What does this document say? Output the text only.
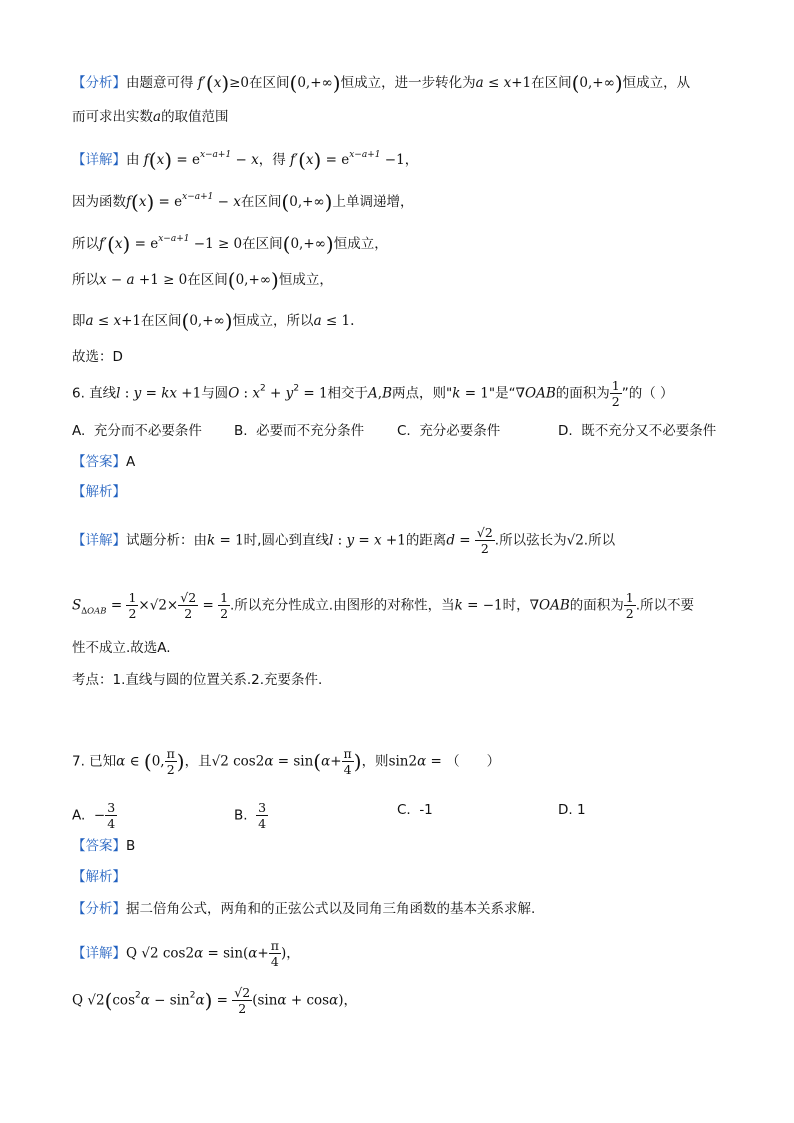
【分析】由题意可得 f′(x)≥0在区间(0,+∞)恒成立，进一步转化为a ≤ x+1在区间(0,+∞)恒成立，从
而可求出实数a的取值范围
【详解】由 $f(x) = e^{x-a+1} - x$，得 $f'(x) = e^{x-a+1} -1$，
因为函数$f(x) = e^{x-a+1} - x$在区间(0,+∞)上单调递增，
所以$f'(x) = e^{x-a+1} -1 \ge 0$在区间(0,+∞)恒成立，
所以x − a +1 ≥ 0在区间(0,+∞)恒成立，
即a ≤ x+1在区间(0,+∞)恒成立，所以a ≤ 1.
故选：D
6. 直线l : y = kx +1与圆O : $x^2 + y^2 = 1$相交于A,B两点，则"k = 1"是“∇OAB的面积为 $\frac{1}{2}$ ”的（ ）
A. 充分而不必要条件 B. 必要而不充分条件 C. 充分必要条件	D. 既不充分又不必要条件
【答案】A
【解析】
【详解】试题分析：由k = 1时,圆心到直线l : y = x +1的距离$d = \frac{√2}{2}$ .所以弦长为√2.所以
$S_{\Delta OAB} = \frac{1}{2} \times√2\times \frac{√2}{2} = \frac{1}{2}$ .所以充分性成立.由图形的对称性，当k = −1时，∇OAB的面积为 $\frac{1}{2}$ .所以不要
性不成立.故选A.
考点：1.直线与圆的位置关系.2.充要条件.
7. 已知α ∈ (0, $\frac{\pi}{2}$ )，且√2 $\cos 2\alpha = \sin(\alpha+ \frac{\pi}{4}$ )，则sin2α = （　　）
A. − $\frac{3}{4}$	B. $\frac{3}{4}$	C. -1	D. 1
【答案】B
【解析】
【分析】据二倍角公式，两角和的正弦公式以及同角三角函数的基本关系求解.
【详解】Q √2 $\cos 2\alpha = \sin(\alpha+ \frac{\pi}{4}$ )，
Q $√2(\cos^2\alpha - \sin^2\alpha) = \frac{√2}{2} (\sin\alpha + \cos\alpha)$，
